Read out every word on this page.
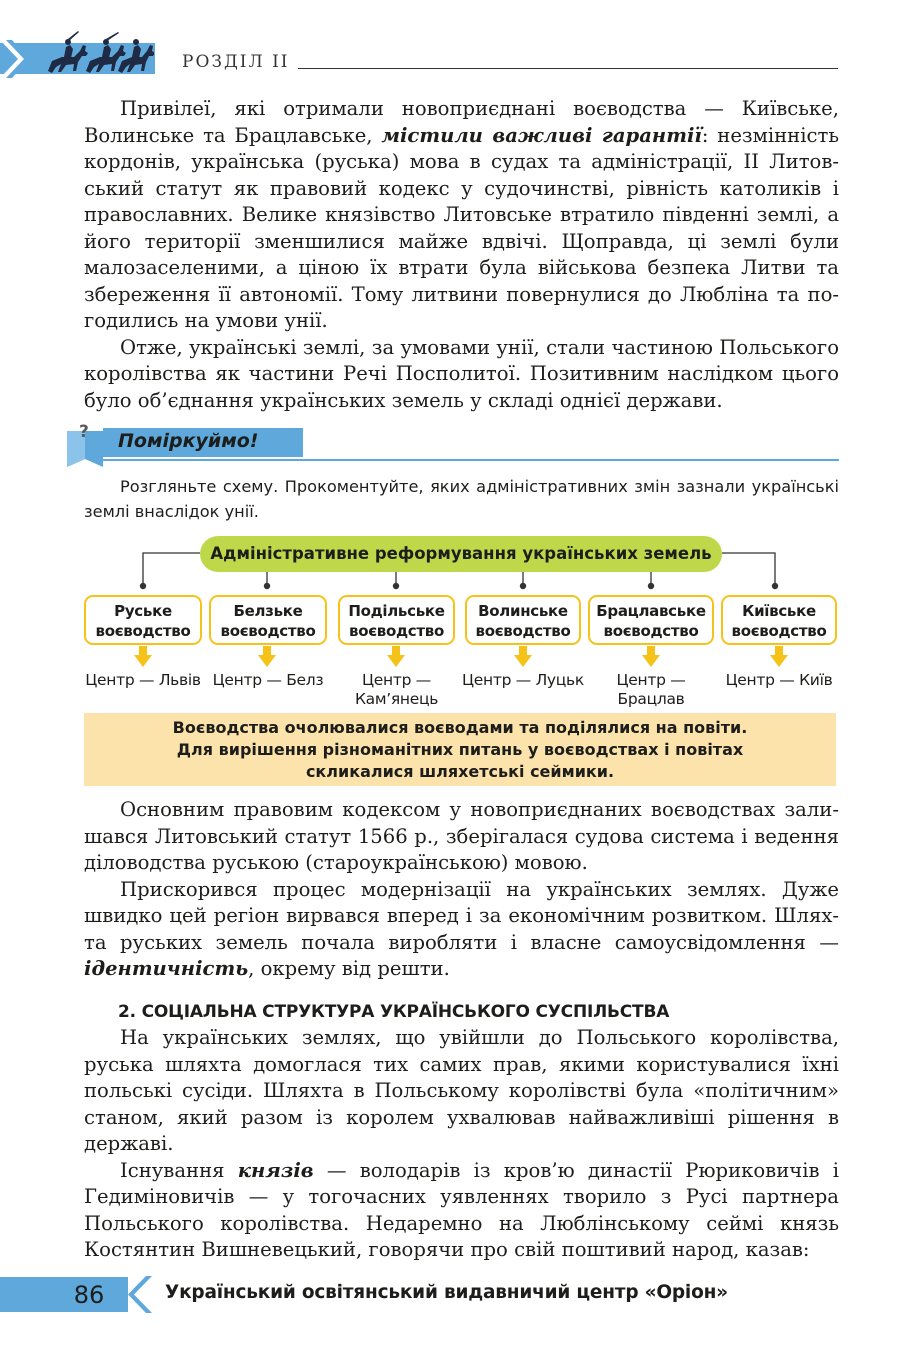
РОЗДІЛ II

Привілеї, які отримали новоприєднані воєводства — Київське, Волинське та Брацлавське, містили важливі гарантії: незмінність кордонів, українська (руська) мова в судах та адміністрації, II Литовський статут як правовий кодекс у судочинстві, рівність католиків і православних. Велике князівство Литовське втратило південні землі, а його території зменшилися майже вдвічі. Щоправда, ці землі були малозаселеними, а ціною їх втрати була військова безпека Литви та збереження її автономії. Тому литвини повернулися до Любліна та погодились на умови унії.

Отже, українські землі, за умовами унії, стали частиною Польського королівства як частини Речі Посполитої. Позитивним наслідком цього було об’єднання українських земель у складі однієї держави.

? Поміркуймо!

Розгляньте схему. Прокоментуйте, яких адміністративних змін зазнали українські землі внаслідок унії.

Адміністративне реформування українських земель
Руське
воєводство
Белзьке
воєводство
Подільське
воєводство
Волинське
воєводство
Брацлавське
воєводство
Київське
воєводство
Центр — Львів Центр — Белз	Центр —
Кам’янець
Центр — Луцьк	Центр —
Брацлав
Центр — Київ
Воєводства очолювалися воєводами та поділялися на повіти.
Для вирішення різноманітних питань у воєводствах і повітах
скликалися шляхетські сеймики.

Основним правовим кодексом у новоприєднаних воєводствах залишався Литовський статут 1566 р., зберігалася судова система і ведення діловодства руською (староукраїнською) мовою.

Прискорився процес модернізації на українських землях. Дуже швидко цей регіон вирвався вперед і за економічним розвитком. Шляхта руських земель почала виробляти і власне самоусвідомлення — ідентичність, окрему від решти.

2. СОЦІАЛЬНА СТРУКТУРА УКРАЇНСЬКОГО СУСПІЛЬСТВА

На українських землях, що увійшли до Польського королівства, руська шляхта домоглася тих самих прав, якими користувалися їхні польські сусіди. Шляхта в Польському королівстві була «політичним» станом, який разом із королем ухвалював найважливіші рішення в державі.

Існування князів — володарів із кров’ю династії Рюриковичів і Гедиміновичів — у тогочасних уявленнях творило з Русі партнера Польського королівства. Недаремно на Люблінському сеймі князь Костянтин Вишневецький, говорячи про свій поштивий народ, казав:

86	Український освітянський видавничий центр «Оріон»
